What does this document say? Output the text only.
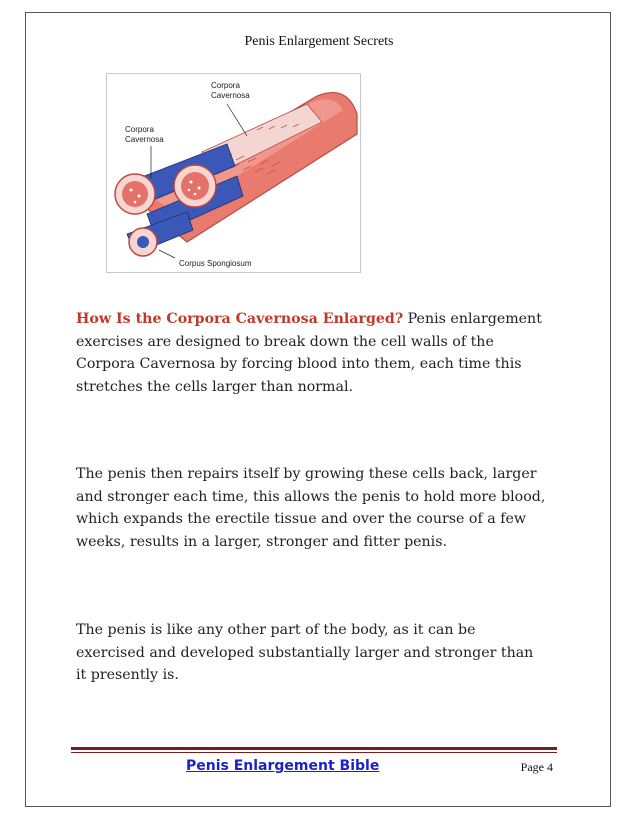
Penis Enlargement Secrets
Corpora
Cavernosa
Corpora
Cavernosa
Corpus Spongiosum

How Is the Corpora Cavernosa Enlarged? Penis enlargement exercises are designed to break down the cell walls of the Corpora Cavernosa by forcing blood into them, each time this stretches the cells larger than normal.

The penis then repairs itself by growing these cells back, larger and stronger each time, this allows the penis to hold more blood, which expands the erectile tissue and over the course of a few weeks, results in a larger, stronger and fitter penis.

The penis is like any other part of the body, as it can be exercised and developed substantially larger and stronger than it presently is.

Penis Enlargement Bible	Page 4
